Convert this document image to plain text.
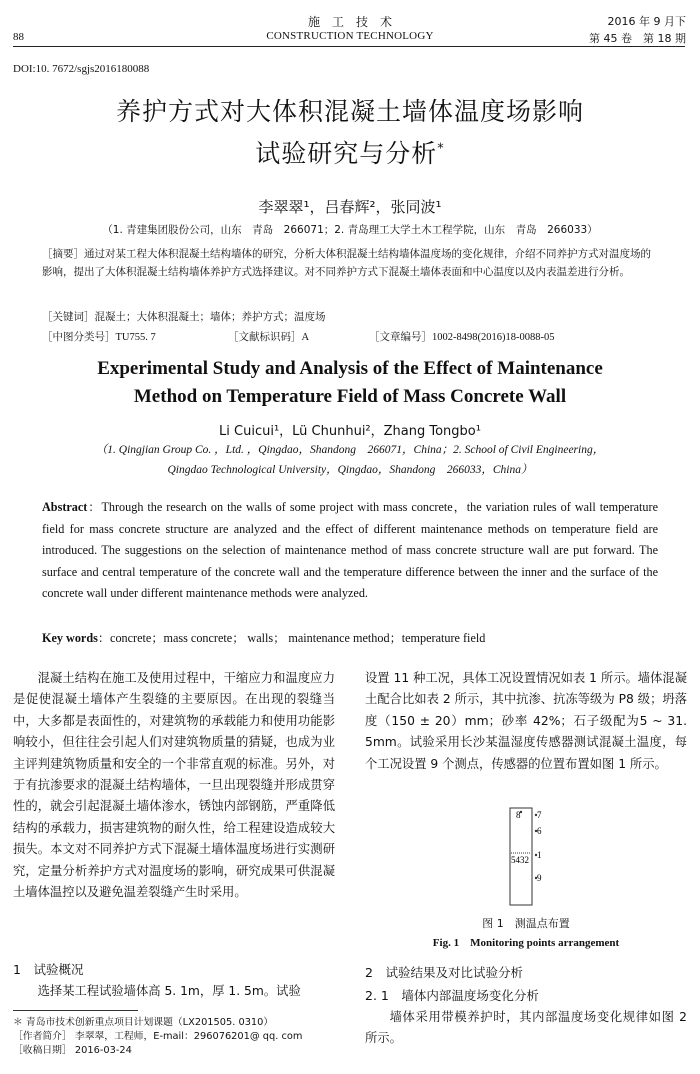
88
施　工　技　术
CONSTRUCTION TECHNOLOGY
2016 年 9 月下
第 45 卷　第 18 期
DOI:10. 7672/sgjs2016180088
养护方式对大体积混凝土墙体温度场影响
试验研究与分析*
李翠翠¹，吕春辉²，张同波¹
（1. 青建集团股份公司，山东　青岛　266071；2. 青岛理工大学土木工程学院，山东　青岛　266033）
［摘要］通过对某工程大体积混凝土结构墙体的研究，分析大体积混凝土结构墙体温度场的变化规律，介绍不同养护方式对温度场的影响，提出了大体积混凝土结构墙体养护方式选择建议。对不同养护方式下混凝土墙体表面和中心温度以及内表温差进行分析。
［关键词］混凝土；大体积混凝土；墙体；养护方式；温度场
［中图分类号］TU755. 7	［文献标识码］A	［文章编号］1002-8498(2016)18-0088-05
Experimental Study and Analysis of the Effect of Maintenance
Method on Temperature Field of Mass Concrete Wall
Li Cuicui¹，Lü Chunhui²，Zhang Tongbo¹
（1. Qingjian Group Co. ，Ltd. ，Qingdao，Shandong　266071，China；2. School of Civil Engineering，
Qingdao Technological University，Qingdao，Shandong　266033，China）
Abstract：Through the research on the walls of some project with mass concrete，the variation rules of wall temperature field for mass concrete structure are analyzed and the effect of different maintenance methods on temperature field are introduced. The suggestions on the selection of maintenance method of mass concrete structure wall are put forward. The surface and central temperature of the concrete wall and the temperature difference between the inner and the surface of the concrete wall under different maintenance methods were analyzed.
Key words：concrete；mass concrete； walls； maintenance method；temperature field

混凝土结构在施工及使用过程中，干缩应力和温度应力是促使混凝土墙体产生裂缝的主要原因。在出现的裂缝当中，大多都是表面性的，对建筑物的承载能力和使用功能影响较小，但往往会引起人们对建筑物质量的猜疑，也成为业主评判建筑物质量和安全的一个非常直观的标准。另外，对于有抗渗要求的混凝土结构墙体，一旦出现裂缝并形成贯穿性的，就会引起混凝土墙体渗水，锈蚀内部钢筋，严重降低结构的承载力，损害建筑物的耐久性，给工程建设造成较大损失。本文对不同养护方式下混凝土墙体温度场进行实测研究，定量分析养护方式对温度场的影响，研究成果可供混凝土墙体温控以及避免温差裂缝产生时采用。

1　试验概况

选择某工程试验墙体高 5. 1m，厚 1. 5m。试验

＊ 青岛市技术创新重点项目计划课题（LX201505. 0310）
［作者简介］ 李翠翠，工程师，E-mail：296076201@ qq. com
［收稿日期］ 2016-03-24

设置 11 种工况，具体工况设置情况如表 1 所示。墙体混凝土配合比如表 2 所示，其中抗渗、抗冻等级为 P8 级；坍落度（150 ± 20）mm；砂率 42%；石子级配为5 ~ 31. 5mm。试验采用长沙某温湿度传感器测试混凝土温度，每个工况设置 9 个测点，传感器的位置布置如图 1 所示。

8 7
6
5432 1
9
图 1　测温点布置
Fig. 1　Monitoring points arrangement
2　试验结果及对比试验分析
2. 1　墙体内部温度场变化分析

墙体采用带模养护时，其内部温度场变化规律如图 2 所示。
